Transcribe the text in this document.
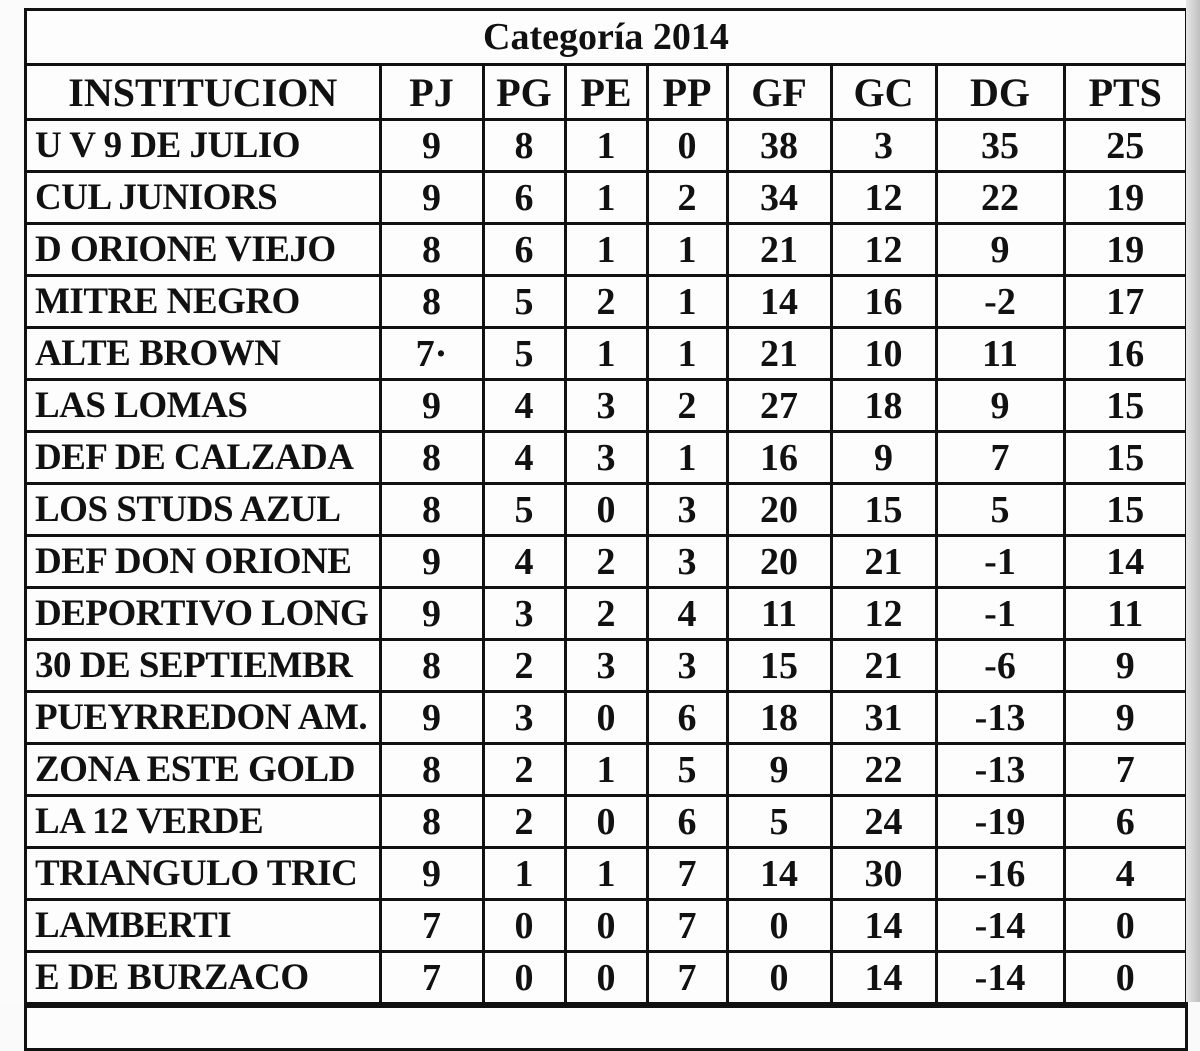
Categoría 2014
INSTITUCION	PJ	PG	PE	PP	GF	GC	DG	PTS
U V 9 DE JULIO	9	8	1	0	38	3	35	25
CUL JUNIORS	9	6	1	2	34	12	22	19
D ORIONE VIEJO	8	6	1	1	21	12	9	19
MITRE NEGRO	8	5	2	1	14	16	-2	17
ALTE BROWN	7·	5	1	1	21	10	11	16
LAS LOMAS	9	4	3	2	27	18	9	15
DEF DE CALZADA	8	4	3	1	16	9	7	15
LOS STUDS AZUL	8	5	0	3	20	15	5	15
DEF DON ORIONE	9	4	2	3	20	21	-1	14
DEPORTIVO LONG	9	3	2	4	11	12	-1	11
30 DE SEPTIEMBR	8	2	3	3	15	21	-6	9
PUEYRREDON AM.	9	3	0	6	18	31	-13	9
ZONA ESTE GOLD	8	2	1	5	9	22	-13	7
LA 12 VERDE	8	2	0	6	5	24	-19	6
TRIANGULO TRIC	9	1	1	7	14	30	-16	4
LAMBERTI	7	0	0	7	0	14	-14	0
E DE BURZACO	7	0	0	7	0	14	-14	0
